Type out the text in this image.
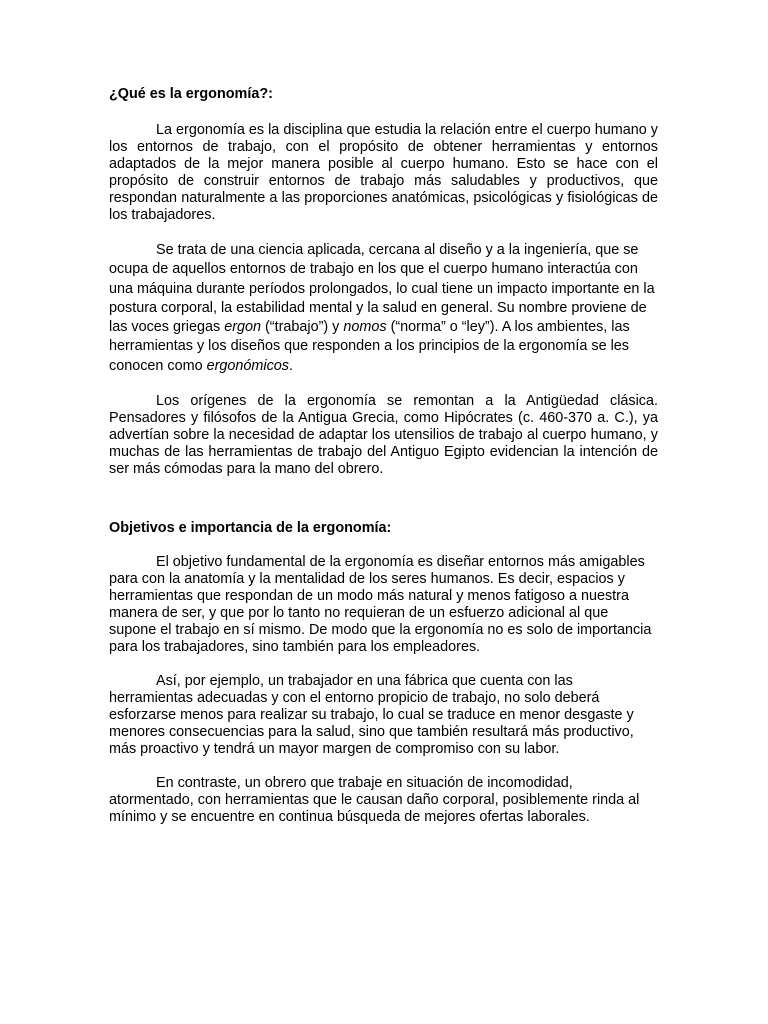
¿Qué es la ergonomía?:

La ergonomía es la disciplina que estudia la relación entre el cuerpo humano y los entornos de trabajo, con el propósito de obtener herramientas y entornos adaptados de la mejor manera posible al cuerpo humano. Esto se hace con el propósito de construir entornos de trabajo más saludables y productivos, que respondan naturalmente a las proporciones anatómicas, psicológicas y fisiológicas de los trabajadores.

Se trata de una ciencia aplicada, cercana al diseño y a la ingeniería, que se ocupa de aquellos entornos de trabajo en los que el cuerpo humano interactúa con una máquina durante períodos prolongados, lo cual tiene un impacto importante en la postura corporal, la estabilidad mental y la salud en general. Su nombre proviene de las voces griegas ergon (“trabajo”) y nomos (“norma” o “ley”). A los ambientes, las herramientas y los diseños que responden a los principios de la ergonomía se les conocen como ergonómicos.

Los orígenes de la ergonomía se remontan a la Antigüedad clásica. Pensadores y filósofos de la Antigua Grecia, como Hipócrates (c. 460-370 a. C.), ya advertían sobre la necesidad de adaptar los utensilios de trabajo al cuerpo humano, y muchas de las herramientas de trabajo del Antiguo Egipto evidencian la intención de ser más cómodas para la mano del obrero.

Objetivos e importancia de la ergonomía:

El objetivo fundamental de la ergonomía es diseñar entornos más amigables para con la anatomía y la mentalidad de los seres humanos. Es decir, espacios y herramientas que respondan de un modo más natural y menos fatigoso a nuestra manera de ser, y que por lo tanto no requieran de un esfuerzo adicional al que supone el trabajo en sí mismo. De modo que la ergonomía no es solo de importancia para los trabajadores, sino también para los empleadores.

Así, por ejemplo, un trabajador en una fábrica que cuenta con las herramientas adecuadas y con el entorno propicio de trabajo, no solo deberá esforzarse menos para realizar su trabajo, lo cual se traduce en menor desgaste y menores consecuencias para la salud, sino que también resultará más productivo, más proactivo y tendrá un mayor margen de compromiso con su labor.

En contraste, un obrero que trabaje en situación de incomodidad, atormentado, con herramientas que le causan daño corporal, posiblemente rinda al mínimo y se encuentre en continua búsqueda de mejores ofertas laborales.
